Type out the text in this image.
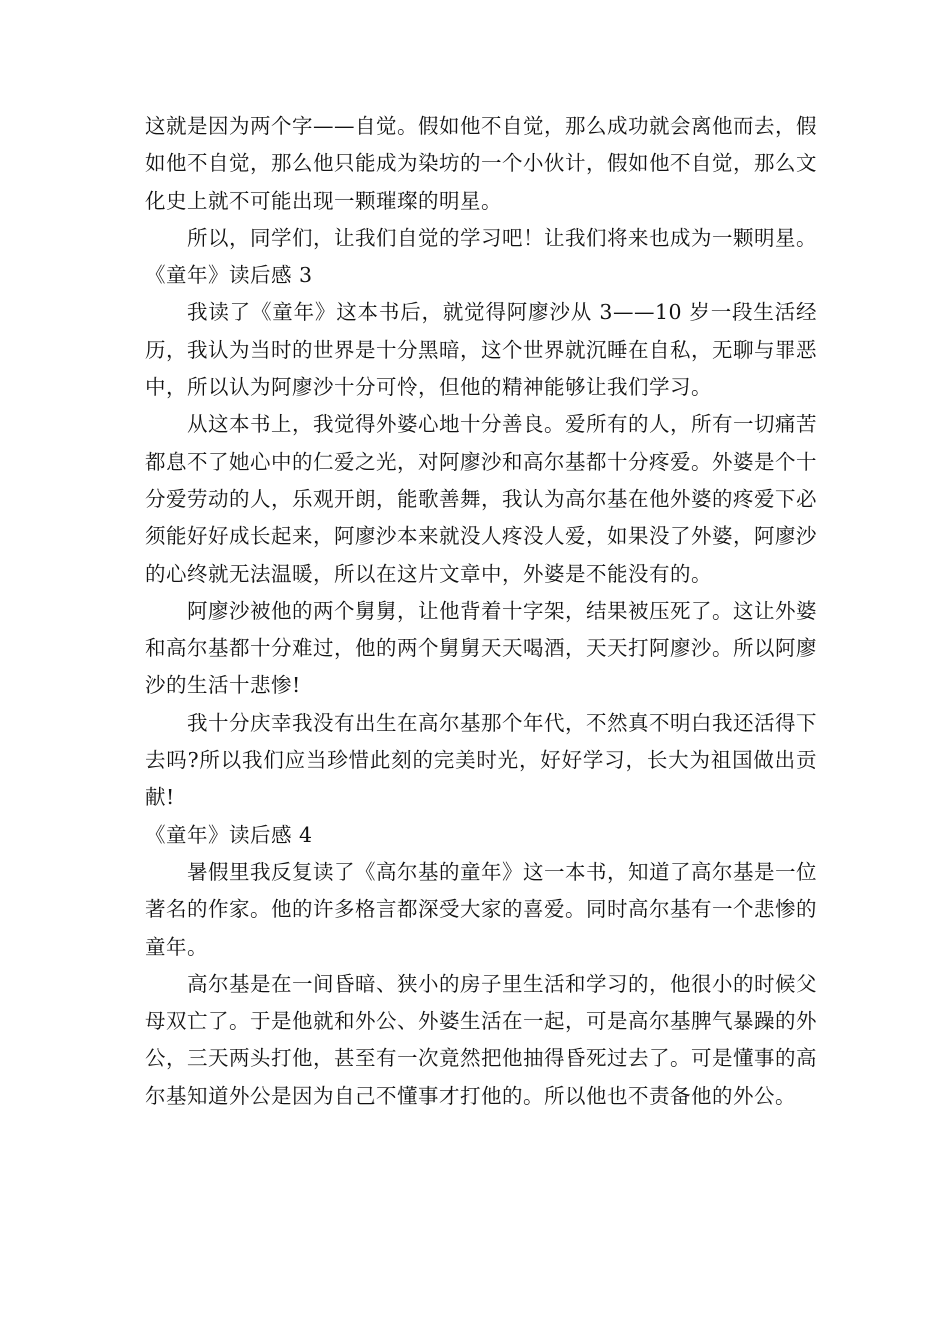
这就是因为两个字——自觉。假如他不自觉，那么成功就会离他而去，假如他不自觉，那么他只能成为染坊的一个小伙计，假如他不自觉，那么文化史上就不可能出现一颗璀璨的明星。

所以，同学们，让我们自觉的学习吧！让我们将来也成为一颗明星。

《童年》读后感 3

我读了《童年》这本书后，就觉得阿廖沙从 3——10 岁一段生活经历，我认为当时的世界是十分黑暗，这个世界就沉睡在自私，无聊与罪恶中，所以认为阿廖沙十分可怜，但他的精神能够让我们学习。

从这本书上，我觉得外婆心地十分善良。爱所有的人，所有一切痛苦都息不了她心中的仁爱之光，对阿廖沙和高尔基都十分疼爱。外婆是个十分爱劳动的人，乐观开朗，能歌善舞，我认为高尔基在他外婆的疼爱下必须能好好成长起来，阿廖沙本来就没人疼没人爱，如果没了外婆，阿廖沙的心终就无法温暖，所以在这片文章中，外婆是不能没有的。

阿廖沙被他的两个舅舅，让他背着十字架，结果被压死了。这让外婆和高尔基都十分难过，他的两个舅舅天天喝酒，天天打阿廖沙。所以阿廖沙的生活十悲惨!

我十分庆幸我没有出生在高尔基那个年代，不然真不明白我还活得下去吗?所以我们应当珍惜此刻的完美时光，好好学习，长大为祖国做出贡献!

《童年》读后感 4

暑假里我反复读了《高尔基的童年》这一本书，知道了高尔基是一位著名的作家。他的许多格言都深受大家的喜爱。同时高尔基有一个悲惨的童年。

高尔基是在一间昏暗、狭小的房子里生活和学习的，他很小的时候父母双亡了。于是他就和外公、外婆生活在一起，可是高尔基脾气暴躁的外公，三天两头打他，甚至有一次竟然把他抽得昏死过去了。可是懂事的高尔基知道外公是因为自己不懂事才打他的。所以他也不责备他的外公。
